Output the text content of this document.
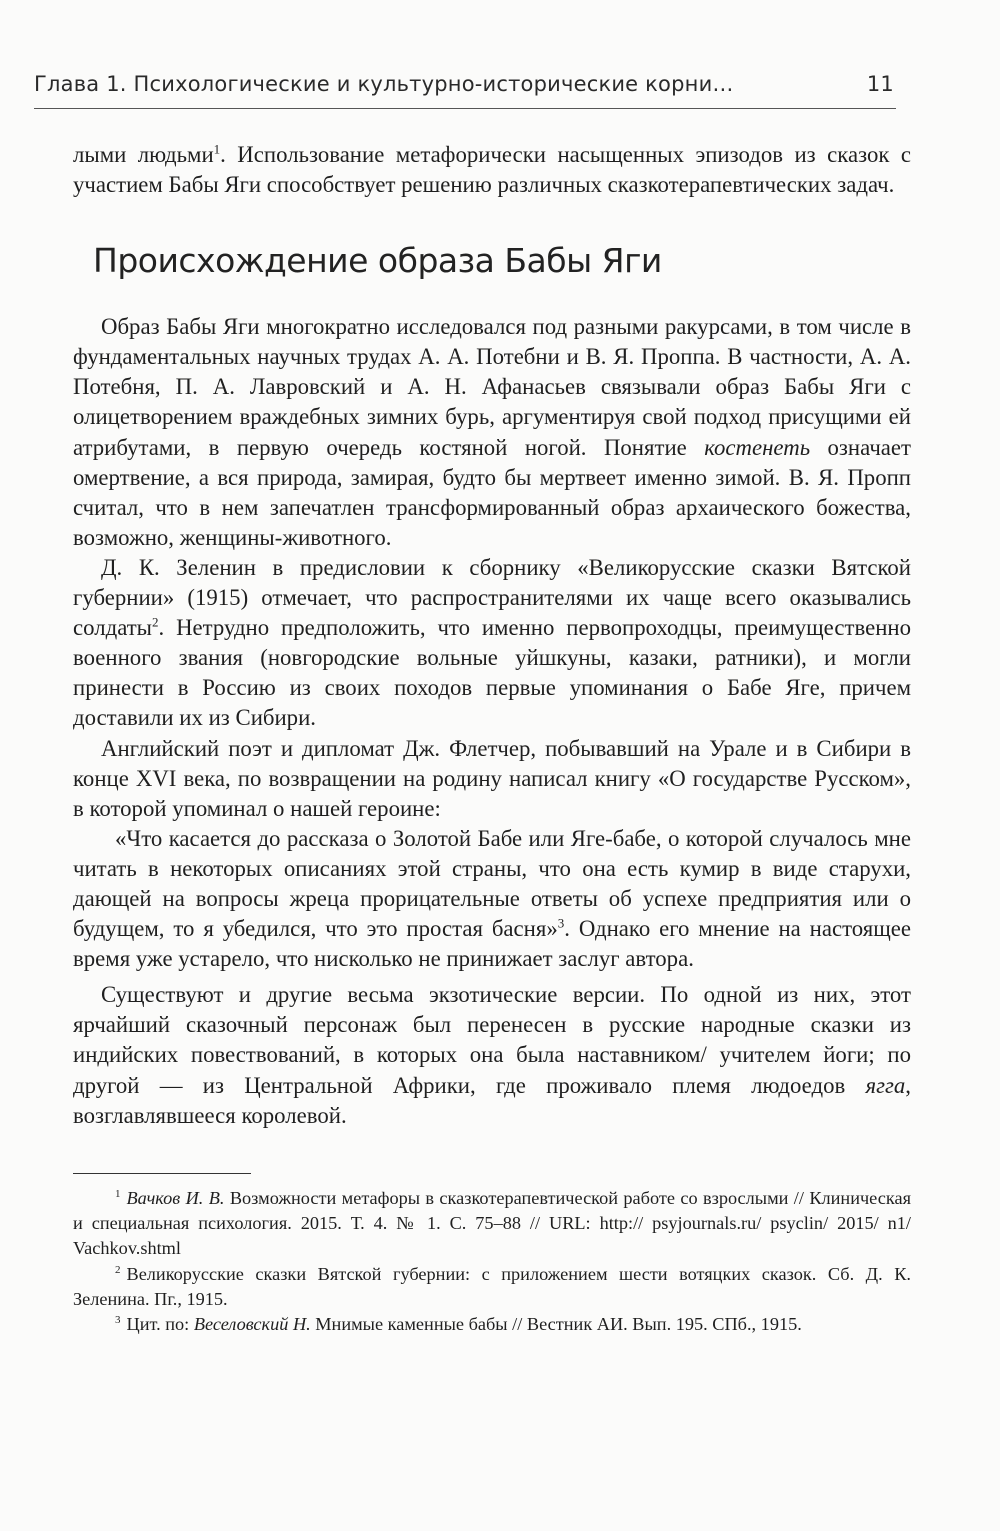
Глава 1. Психологические и культурно-исторические корни…	11

лыми людьми$^1$. Использование метафорически насыщенных эпизодов из сказок с участием Бабы Яги способствует решению различных сказкотерапевтических задач.

Происхождение образа Бабы Яги

Образ Бабы Яги многократно исследовался под разными ракурсами, в том числе в фундаментальных научных трудах А. А. Потебни и В. Я. Проппа. В частности, А. А. Потебня, П. А. Лавровский и А. Н. Афанасьев связывали образ Бабы Яги с олицетворением враждебных зимних бурь, аргументируя свой подход присущими ей атрибутами, в первую очередь костяной ногой. Понятие костенеть означает омертвение, а вся природа, замирая, будто бы мертвеет именно зимой. В. Я. Пропп считал, что в нем запечатлен трансформированный образ архаического божества, возможно, женщины-животного.

Д. К. Зеленин в предисловии к сборнику «Великорусские сказки Вятской губернии» (1915) отмечает, что распространителями их чаще всего оказывались солдаты$^2$. Нетрудно предположить, что именно первопроходцы, преимущественно военного звания (новгородские вольные уйшкуны, казаки, ратники), и могли принести в Россию из своих походов первые упоминания о Бабе Яге, причем доставили их из Сибири.

Английский поэт и дипломат Дж. Флетчер, побывавший на Урале и в Сибири в конце XVI века, по возвращении на родину написал книгу «О государстве Русском», в которой упоминал о нашей героине:

«Что касается до рассказа о Золотой Бабе или Яге-бабе, о которой случалось мне читать в некоторых описаниях этой страны, что она есть кумир в виде старухи, дающей на вопросы жреца прорицательные ответы об успехе предприятия или о будущем, то я убедился, что это простая басня»$^3$. Однако его мнение на настоящее время уже устарело, что нисколько не принижает заслуг автора.

Существуют и другие весьма экзотические версии. По одной из них, этот ярчайший сказочный персонаж был перенесен в русские народные сказки из индийских повествований, в которых она была наставником/ учителем йоги; по другой — из Центральной Африки, где проживало племя людоедов ягга, возглавлявшееся королевой.

$^1$ Вачков И. В. Возможности метафоры в сказкотерапевтической работе со взрослыми // Клиническая и специальная психология. 2015. Т. 4. № 1. С. 75–88 // URL: http:// psyjournals.ru/ psyclin/ 2015/ n1/ Vachkov.shtml
$^2$ Великорусские сказки Вятской губернии: с приложением шести вотяцких сказок. Сб. Д. К. Зеленина. Пг., 1915.
$^3$ Цит. по: Веселовский Н. Мнимые каменные бабы // Вестник АИ. Вып. 195. СПб., 1915.
